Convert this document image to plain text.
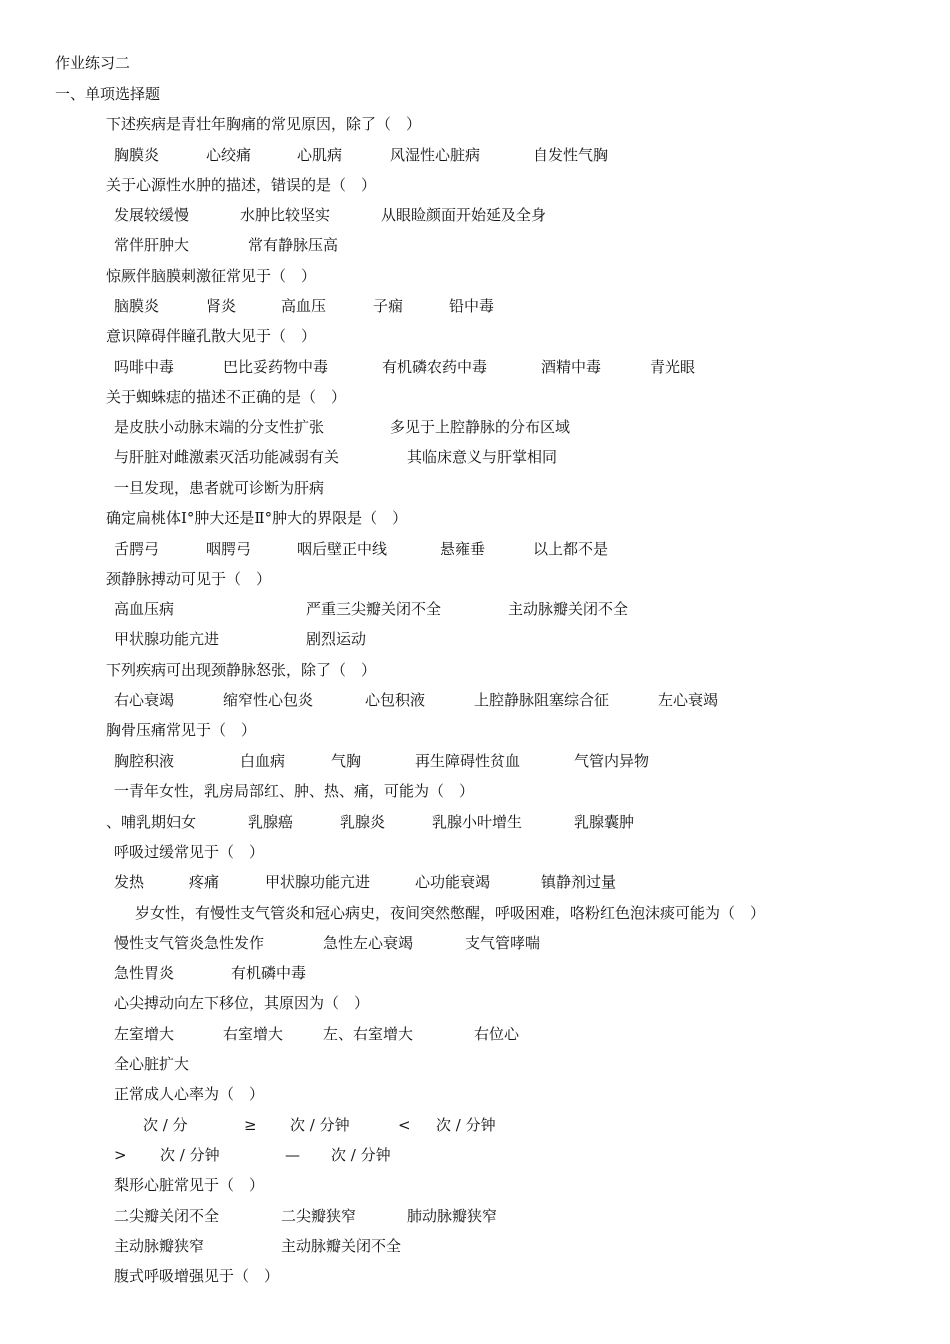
作业练习二
一、单项选择题
下述疾病是青壮年胸痛的常见原因，除了（　）
胸膜炎	心绞痛	心肌病	风湿性心脏病	自发性气胸
关于心源性水肿的描述，错误的是（　）
发展较缓慢	水肿比较坚实	从眼睑颜面开始延及全身
常伴肝肿大	常有静脉压高
惊厥伴脑膜刺激征常见于（　）
脑膜炎	肾炎	高血压	子痫	铅中毒
意识障碍伴瞳孔散大见于（　）
吗啡中毒	巴比妥药物中毒	有机磷农药中毒	酒精中毒	青光眼
关于蜘蛛痣的描述不正确的是（　）
是皮肤小动脉末端的分支性扩张	多见于上腔静脉的分布区域
与肝脏对雌激素灭活功能减弱有关	其临床意义与肝掌相同
一旦发现，患者就可诊断为肝病
确定扁桃体Ⅰ°肿大还是Ⅱ°肿大的界限是（　）
舌腭弓	咽腭弓	咽后壁正中线	悬雍垂	以上都不是
颈静脉搏动可见于（　）
高血压病	严重三尖瓣关闭不全	主动脉瓣关闭不全
甲状腺功能亢进	剧烈运动
下列疾病可出现颈静脉怒张，除了（　）
右心衰竭	缩窄性心包炎	心包积液	上腔静脉阻塞综合征	左心衰竭
胸骨压痛常见于（　）
胸腔积液	白血病	气胸	再生障碍性贫血	气管内异物
一青年女性，乳房局部红、肿、热、痛，可能为（　）
、哺乳期妇女	乳腺癌	乳腺炎	乳腺小叶增生	乳腺囊肿
呼吸过缓常见于（　）
发热	疼痛	甲状腺功能亢进	心功能衰竭	镇静剂过量
岁女性，有慢性支气管炎和冠心病史，夜间突然憋醒，呼吸困难，咯粉红色泡沫痰可能为（　）
慢性支气管炎急性发作	急性左心衰竭	支气管哮喘
急性胃炎	有机磷中毒
心尖搏动向左下移位，其原因为（　）
左室增大	右室增大	左、右室增大	右位心
全心脏扩大
正常成人心率为（　）
次 / 分	≥ 次 / 分钟	< 次 / 分钟
> 次 / 分钟	— 次 / 分钟
梨形心脏常见于（　）
二尖瓣关闭不全	二尖瓣狭窄	肺动脉瓣狭窄
主动脉瓣狭窄	主动脉瓣关闭不全
腹式呼吸增强见于（　）
